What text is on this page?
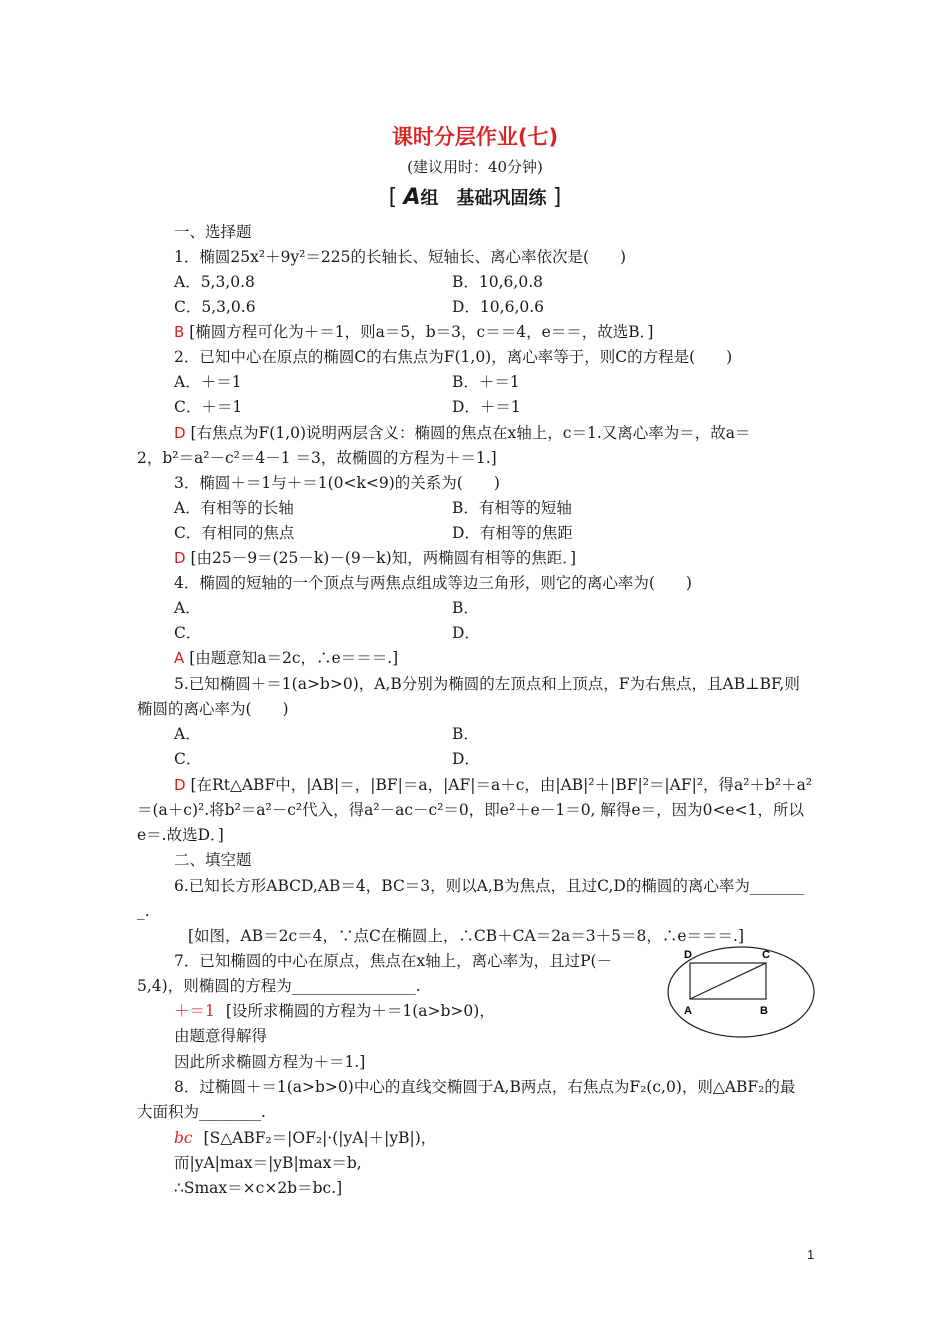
课时分层作业(七)
(建议用时：40分钟)
[ A组　基础巩固练 ]
一、选择题
1．椭圆25x²＋9y²＝225的长轴长、短轴长、离心率依次是(　　)
A．5,3,0.8	B．10,6,0.8
C．5,3,0.6	D．10,6,0.6
B [椭圆方程可化为＋＝1，则a＝5，b＝3，c＝＝4，e＝＝，故选B．]
2．已知中心在原点的椭圆C的右焦点为F(1,0)，离心率等于，则C的方程是(　　)
A．＋＝1	B．＋＝1
C．＋＝1	D．＋＝1
D [右焦点为F(1,0)说明两层含义：椭圆的焦点在x轴上，c＝1.又离心率为＝，故a＝
2，b²＝a²－c²＝4－1 ＝3，故椭圆的方程为＋＝1.]
3．椭圆＋＝1与＋＝1(0<k<9)的关系为(　　)
A．有相等的长轴	B．有相等的短轴
C．有相同的焦点	D．有相等的焦距
D [由25－9＝(25－k)－(9－k)知，两椭圆有相等的焦距．]
4．椭圆的短轴的一个顶点与两焦点组成等边三角形，则它的离心率为(　　)
A．	B．
C．	D．
A [由题意知a＝2c，∴e＝＝＝.]
5.已知椭圆＋＝1(a>b>0)，A,B分别为椭圆的左顶点和上顶点，F为右焦点，且AB⊥BF,则
椭圆的离心率为(　　)
A．	B．
C．	D．
D [在Rt△ABF中，|AB|＝，|BF|＝a，|AF|＝a＋c，由|AB|²＋|BF|²＝|AF|²，得a²＋b²＋a²
＝(a＋c)².将b²＝a²－c²代入，得a²－ac－c²＝0，即e²＋e－1＝0, 解得e＝，因为0<e<1，所以
e＝.故选D．]
二、填空题
6.已知长方形ABCD,AB＝4，BC＝3，则以A,B为焦点，且过C,D的椭圆的离心率为_______
_.
[如图，AB＝2c＝4，∵点C在椭圆上，∴CB＋CA＝2a＝3＋5＝8，∴e＝＝＝.]
7．已知椭圆的中心在原点，焦点在x轴上，离心率为，且过P(－
5,4)，则椭圆的方程为________________.
＋＝1 [设所求椭圆的方程为＋＝1(a>b>0)，
由题意得解得
因此所求椭圆方程为＋＝1.]
D	C
A	B
8．过椭圆＋＝1(a>b>0)中心的直线交椭圆于A,B两点，右焦点为F₂(c,0)，则△ABF₂的最
大面积为________.
bc [S△ABF₂＝|OF₂|·(|yA|＋|yB|)，
而|yA|max＝|yB|max＝b,
∴Smax＝×c×2b＝bc.]
1
